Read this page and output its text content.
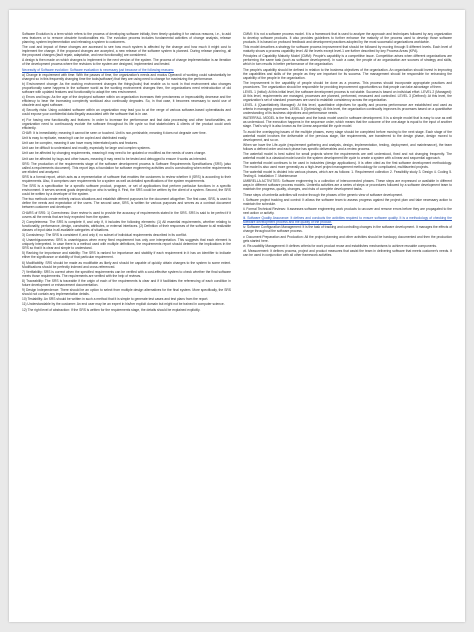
Software Evolution is a term which refers to the process of developing software initially, then timely updating it for various reasons, i.e., to add new features or to remove obsolete functionalities etc. The evolution process includes fundamental activities of change analysis, release planning, system implementation and releasing a system to customers.

The cost and impact of these changes are accessed to see how much system is affected by the change and how much it might cost to implement the change. If the proposed changes are accepted, a new release of the software system is planned. During release planning, all the proposed changes (fault repair, adaptation, and new functionality) are considered.

A design is then made on which changes to implement in the next version of the system. The process of change implementation is an iteration of the development process where the revisions to the system are designed, implemented and tested.

Necessity of Software evolution: Software evaluation is necessary just because of the following reasons:

a) Change in requirement with time: With the passes of time, the organization's needs and modus Operandi of working could substantially be changed so in this frequently changing time the tools(software) that they are using need to change for maximizing the performance.

b) Environment change: As the working environment changes the things(tools) that enable us to work in that environment also changes proportionally same happens in the software world as the working environment changes then, the organizations need reintroduction of old software with updated features and functionality to adapt the new environment.

c) Errors and bugs: As the age of the deployed software within an organization increases their preciseness or impeccability decrease and the efficiency to bear the increasing complexity workload also continually degrades. So, in that case, it becomes necessary to avoid use of obsolete and aged software.

d) Security risks: Using outdated software within an organization may lead you to at the verge of various software-based cyberattacks and could expose your confidential data illegally associated with the software that is in use.

e) For having new functionality and features: In order to increase the performance and fast data processing and other functionalities, an organization need to continuously evolute the software throughout its life cycle so that stakeholders & clients of the product could work efficiently.

CHAR: It is immediately; meaning it cannot be seen or touched. Unit is non-perishable, meaning it does not degrade over time.

Unit is easy to replicate, meaning it can be copied and distributed easily.

Unit can be complex, meaning it can have many interrelated parts and features.

Unit can be difficult to understand and modify, especially for large and complex systems.

Unit can be affected by changing requirements, meaning it may need to be updated or modified as the needs of users change.

Unit can be affected by bugs and other issues, meaning it may need to be tested and debugged to ensure it works as intended.

SRS: The production of the requirements stage of the software development process is Software Requirements Specifications (SRS) (also called a requirements document). This report lays a foundation for software engineering activities and is constructing when entire requirements are elicited and analyzed.

SRS is a formal report, which acts as a representation of software that enables the customers to review whether it (SRS) is according to their requirements. Also, it comprises user requirements for a system as well as detailed specifications of the system requirements.

The SRS is a specification for a specific software product, program, or set of applications that perform particular functions in a specific environment. It serves several goals depending on who is writing it. First, the SRS could be written by the client of a system. Second, the SRS could be written by a developer of the system.

The two methods create entirely various situations and establish different purposes for the document altogether. The first case, SRS, is used to define the needs and expectation of the users. The second case, SRS, is written for various purposes and serves as a contract document between customer and developer.

CHARS of SRS: 1) Correctness: User review is used to provide the accuracy of requirements stated in the SRS. SRS is said to be perfect if it covers all the needs that are truly expected from the system.

2) Completeness: The SRS is complete if, and only if, it includes the following elements: (1) All essential requirements, whether relating to functionality, performance, design, constraints, attributes, or external interfaces. (2) Definition of their responses of the software to all realizable classes of input data in all available categories of situations.

3) Consistency: The SRS is consistent if, and only if, no subset of individual requirements described in its conflict.

4) Unambiguousness: SRS is unambiguous when every fixed requirement has only one interpretation. This suggests that each element is uniquely interpreted. In case there is a method used with multiple definitions, the requirements report should determine the implications in the SRS so that it is clear and simple to understand.

5) Ranking for importance and stability: The SRS is ranked for importance and stability if each requirement in it has an identifier to indicate either the significance or stability of that particular requirement.

6) Modifiability: SRS should be made as modifiable as likely and should be capable of quickly obtain changes to the system to some extent. Modifications should be perfectly indexed and cross-referenced.

7) Verifiability: SRS is correct when the specified requirements can be verified with a cost-effective system to check whether the final software meets those requirements. The requirements are verified with the help of reviews.

8) Traceability: The SRS is traceable if the origin of each of the requirements is clear and if it facilitates the referencing of each condition in future development or enhancement documentation.

9) Design Independence: There should be an option to select from multiple design alternatives for the final system. More specifically, the SRS should not contain any implementation details.

10) Testability: An SRS should be written in such a method that it is simple to generate test cases and test plans from the report.

11) Understandable by the customer: An end user may be an expert in his/her explicit domain but might not be trained in computer science.

12) The right level of abstraction: If the SRS is written for the requirements stage, the details should be explained explicitly.

CMMI: It is not a software process model. It is a framework that is used to analyze the approach and techniques followed by any organization to develop software products. It also provides guidelines to further enhance the maturity of the process used to develop those software products. It is based on profound feedback and development practices adopted by the most successful organizations worldwide.

This model describes a strategy for software process improvement that should be followed by moving through 5 different levels. Each level of maturity shows a process capability level. All the levels except level-1 are further described by key Process Areas (KPA).

Principles of Capability Maturity Model (CMM): People's capability is a competitive issue. Competition arises when different organizations are performing the same task (such as software development). In such a case, the people of an organization are sources of strategy and skills, which in turn results in better performance of the organization.

The people's capability should be defined in relation to the business objectives of the organization. An organization should invest in improving the capabilities and skills of the people as they are important for its success. The management should be responsible for enhancing the capability of the people in the organization.

The improvement in the capability of people should be done as a process. This process should incorporate appropriate practices and procedures. The organization should be responsible for providing improvement opportunities so that people can take advantage of them.

LEVEL 1 (Initial): At this initial level, the software development process is not stable. Success is based on individual effort. LEVEL 2 (Managed): At this level, requirements are managed, processes are planned, performed, measured and controlled. LEVEL 3 (Defined): At this level, the organization's set of standard processes are used to establish consistency across the organization.

LEVEL 4 (Quantitatively Managed): At this level, quantitative objectives for quality and process performance are established and used as criteria in managing processes. LEVEL 5 (Optimizing): At this level, the organization continually improves its processes based on a quantitative understanding of its business objectives and performance needs.

WATERFALL MODEL is the first approach and the basic model used in software development. It is a simple model that is easy to use as well as understood. The execution happens in the sequence order, which means that the outcome of the one-stage is equal to the input of another stage. That's why it is also known as the Linear-sequential life cycle model.

To avoid the overlapping issues of the multiple phases, every stage should be completed before moving to the next stage. Each stage of the waterfall model involves the deliverable of the previous stage, like requirements, are transferred to the design phase, design moved to development, and so on.

When we have the Life-cycle (requirement gathering and analysis, design, implementation, testing, deployment, and maintenance), the team follows a defined order and each phase has specific deliverables and a review process.

The waterfall model is best suited for small projects where the requirements are well understood, fixed and not changing frequently. The waterfall model is a classical model used in the system development life cycle to create a system with a linear and sequential approach.

The waterfall model continues to be used in industries (design applications). It is often cited as the first software development methodology. The model is also used more generally as a high-level project management methodology for complicated, multifaceted projects.

The waterfall model is divided into various phases, which are as follows: 1. Requirement collection 2. Feasibility study 3. Design 4. Coding 5. Testing 6. Installation 7. Maintenance

UMBRELLA ACTIVITIES: Software engineering is a collection of interconnected phases. These steps are expressed or available in different ways in different software process models. Umbrella activities are a series of steps or procedures followed by a software development team to maintain the progress, quality, changes, and risks of complete development tasks.

These steps of umbrella activities will evolve through the phases of the generic view of software development.

i. Software project tracking and control: It allows the software team to assess progress against the project plan and take necessary action to maintain the schedule.

ii. Formal Technical Reviews: It assesses software engineering work products to uncover and remove errors before they are propagated to the next action or activity.

iii. Software Quality Assurance: It defines and conducts the activities required to ensure software quality. It is a methodology of checking the software development process and the quality of the product.

iv. Software Configuration Management: It is the task of tracking and controlling changes in the software development. It manages the effects of change throughout the software process.

v. Document Preparation and Production: All the project planning and other activities should be hardcopy documented and then the production gets started here.

vi. Re-usability Management: It defines criteria for work product reuse and establishes mechanisms to achieve reusable components.

vii. Measurement: It defines process, project and product measures that assist the team in delivering software that meets customer's needs. It can be used in conjunction with all other framework activities.
